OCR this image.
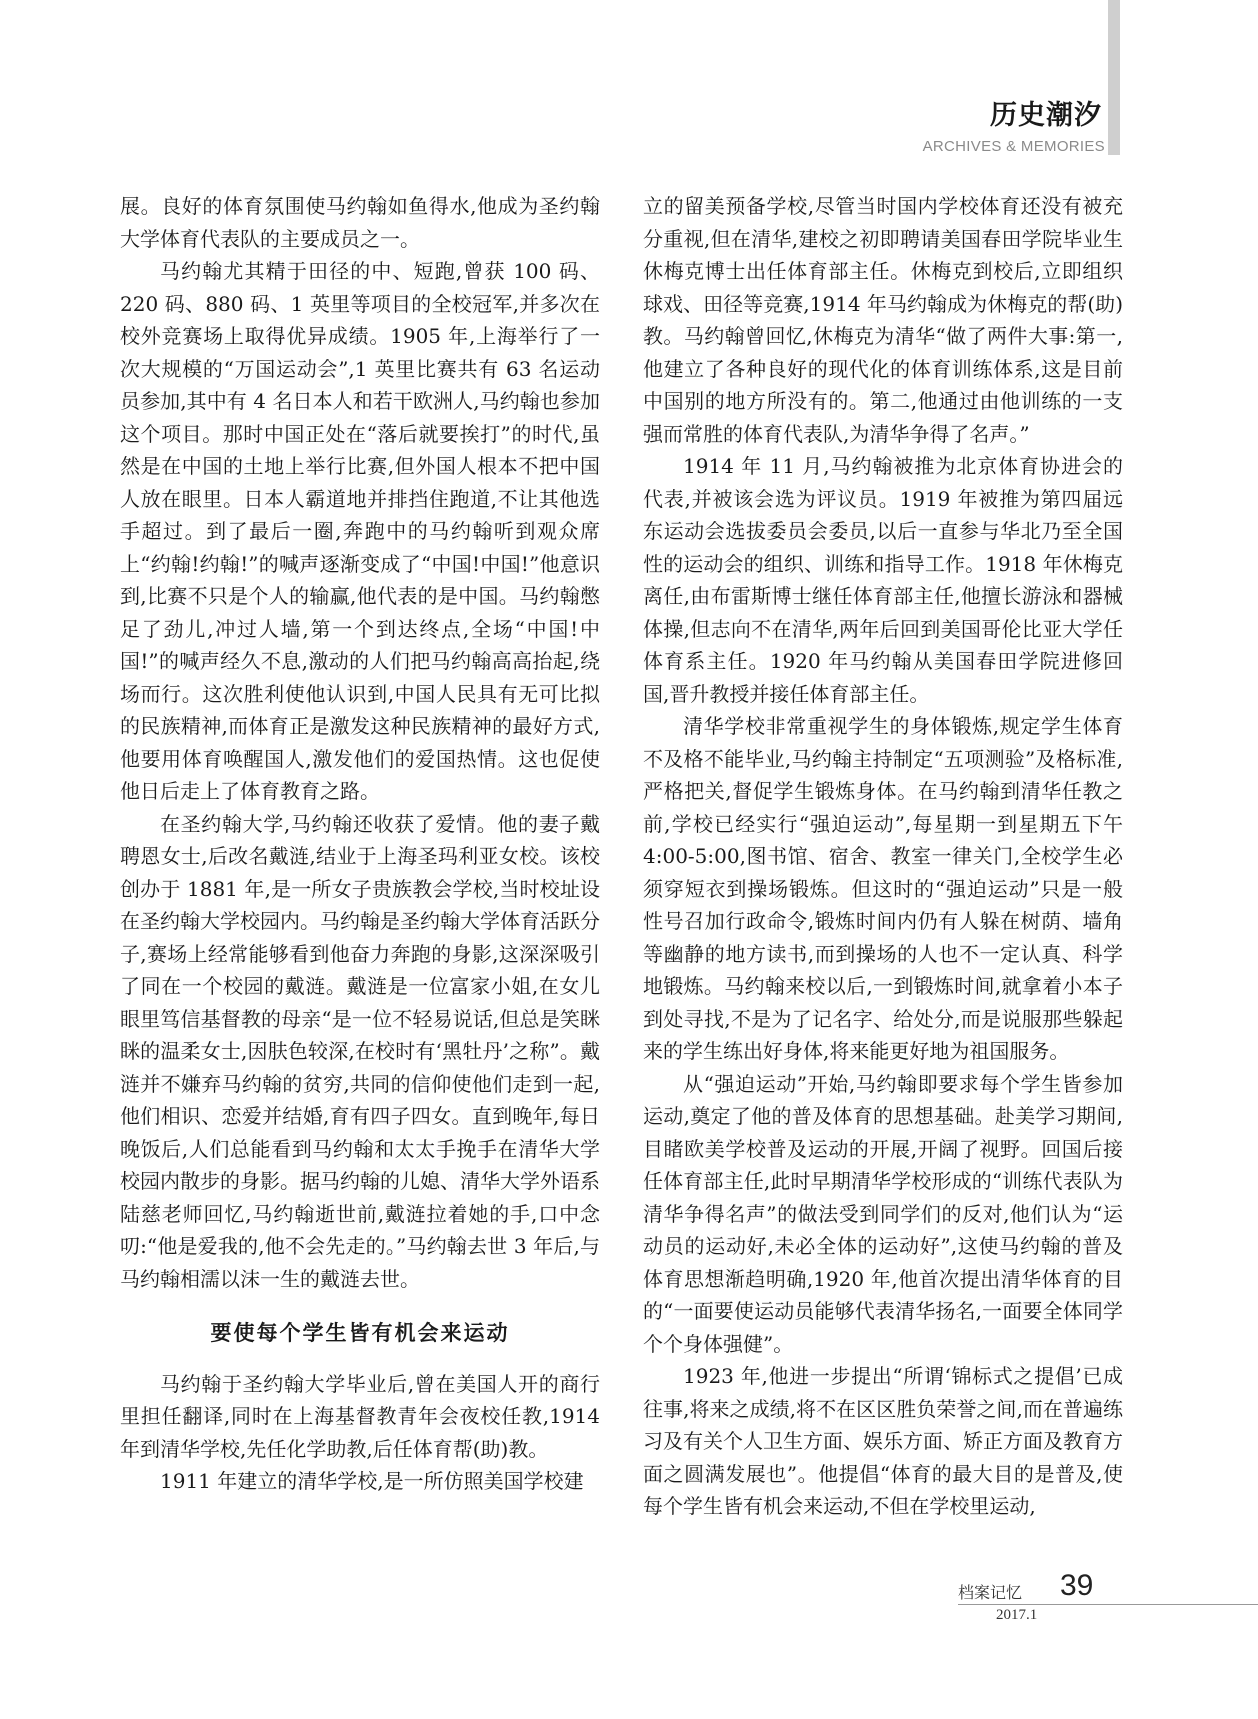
历史潮汐
ARCHIVES & MEMORIES

展。良好的体育氛围使马约翰如鱼得水,他成为圣约翰大学体育代表队的主要成员之一。

马约翰尤其精于田径的中、短跑,曾获 100 码、220 码、880 码、1 英里等项目的全校冠军,并多次在校外竞赛场上取得优异成绩。1905 年,上海举行了一次大规模的“万国运动会”,1 英里比赛共有 63 名运动员参加,其中有 4 名日本人和若干欧洲人,马约翰也参加这个项目。那时中国正处在“落后就要挨打”的时代,虽然是在中国的土地上举行比赛,但外国人根本不把中国人放在眼里。日本人霸道地并排挡住跑道,不让其他选手超过。到了最后一圈,奔跑中的马约翰听到观众席上“约翰!约翰!”的喊声逐渐变成了“中国!中国!”他意识到,比赛不只是个人的输赢,他代表的是中国。马约翰憋足了劲儿,冲过人墙,第一个到达终点,全场“中国!中国!”的喊声经久不息,激动的人们把马约翰高高抬起,绕场而行。这次胜利使他认识到,中国人民具有无可比拟的民族精神,而体育正是激发这种民族精神的最好方式,他要用体育唤醒国人,激发他们的爱国热情。这也促使他日后走上了体育教育之路。

在圣约翰大学,马约翰还收获了爱情。他的妻子戴聘恩女士,后改名戴涟,结业于上海圣玛利亚女校。该校创办于 1881 年,是一所女子贵族教会学校,当时校址设在圣约翰大学校园内。马约翰是圣约翰大学体育活跃分子,赛场上经常能够看到他奋力奔跑的身影,这深深吸引了同在一个校园的戴涟。戴涟是一位富家小姐,在女儿眼里笃信基督教的母亲“是一位不轻易说话,但总是笑眯眯的温柔女士,因肤色较深,在校时有‘黑牡丹’之称”。戴涟并不嫌弃马约翰的贫穷,共同的信仰使他们走到一起,他们相识、恋爱并结婚,育有四子四女。直到晚年,每日晚饭后,人们总能看到马约翰和太太手挽手在清华大学校园内散步的身影。据马约翰的儿媳、清华大学外语系陆慈老师回忆,马约翰逝世前,戴涟拉着她的手,口中念叨:“他是爱我的,他不会先走的。”马约翰去世 3 年后,与马约翰相濡以沫一生的戴涟去世。

要使每个学生皆有机会来运动

马约翰于圣约翰大学毕业后,曾在美国人开的商行里担任翻译,同时在上海基督教青年会夜校任教,1914 年到清华学校,先任化学助教,后任体育帮(助)教。

1911 年建立的清华学校,是一所仿照美国学校建

立的留美预备学校,尽管当时国内学校体育还没有被充分重视,但在清华,建校之初即聘请美国春田学院毕业生休梅克博士出任体育部主任。休梅克到校后,立即组织球戏、田径等竞赛,1914 年马约翰成为休梅克的帮(助)教。马约翰曾回忆,休梅克为清华“做了两件大事:第一,他建立了各种良好的现代化的体育训练体系,这是目前中国别的地方所没有的。第二,他通过由他训练的一支强而常胜的体育代表队,为清华争得了名声。”

1914 年 11 月,马约翰被推为北京体育协进会的代表,并被该会选为评议员。1919 年被推为第四届远东运动会选拔委员会委员,以后一直参与华北乃至全国性的运动会的组织、训练和指导工作。1918 年休梅克离任,由布雷斯博士继任体育部主任,他擅长游泳和器械体操,但志向不在清华,两年后回到美国哥伦比亚大学任体育系主任。1920 年马约翰从美国春田学院进修回国,晋升教授并接任体育部主任。

清华学校非常重视学生的身体锻炼,规定学生体育不及格不能毕业,马约翰主持制定“五项测验”及格标准,严格把关,督促学生锻炼身体。在马约翰到清华任教之前,学校已经实行“强迫运动”,每星期一到星期五下午 4:00-5:00,图书馆、宿舍、教室一律关门,全校学生必须穿短衣到操场锻炼。但这时的“强迫运动”只是一般性号召加行政命令,锻炼时间内仍有人躲在树荫、墙角等幽静的地方读书,而到操场的人也不一定认真、科学地锻炼。马约翰来校以后,一到锻炼时间,就拿着小本子到处寻找,不是为了记名字、给处分,而是说服那些躲起来的学生练出好身体,将来能更好地为祖国服务。

从“强迫运动”开始,马约翰即要求每个学生皆参加运动,奠定了他的普及体育的思想基础。赴美学习期间,目睹欧美学校普及运动的开展,开阔了视野。回国后接任体育部主任,此时早期清华学校形成的“训练代表队为清华争得名声”的做法受到同学们的反对,他们认为“运动员的运动好,未必全体的运动好”,这使马约翰的普及体育思想渐趋明确,1920 年,他首次提出清华体育的目的“一面要使运动员能够代表清华扬名,一面要全体同学个个身体强健”。

1923 年,他进一步提出“所谓‘锦标式之提倡’已成往事,将来之成绩,将不在区区胜负荣誉之间,而在普遍练习及有关个人卫生方面、娱乐方面、矫正方面及教育方面之圆满发展也”。他提倡“体育的最大目的是普及,使每个学生皆有机会来运动,不但在学校里运动,

档案记忆 39
2017.1
